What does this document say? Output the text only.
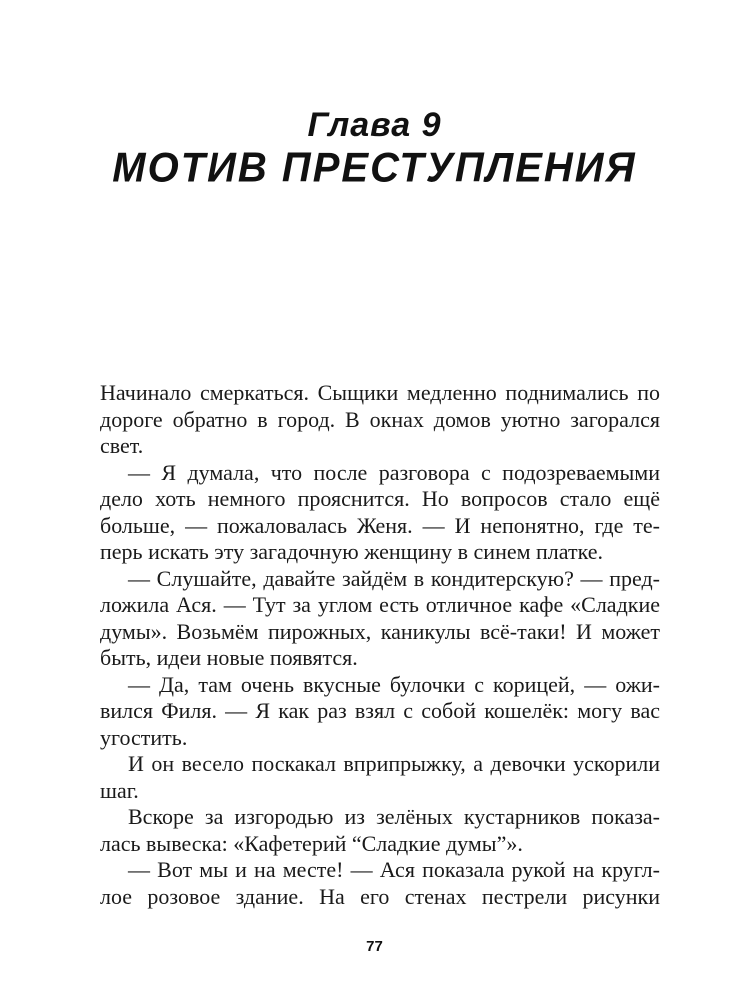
Глава 9
МОТИВ ПРЕСТУПЛЕНИЯ
Начинало смеркаться. Сыщики медленно поднимались по
дороге обратно в город. В окнах домов уютно загорался
свет.
— Я думала, что после разговора с подозреваемыми
дело хоть немного прояснится. Но вопросов стало ещё
больше, — пожаловалась Женя. — И непонятно, где те-
перь искать эту загадочную женщину в синем платке.
— Слушайте, давайте зайдём в кондитерскую? — пред-
ложила Ася. — Тут за углом есть отличное кафе «Сладкие
думы». Возьмём пирожных, каникулы всё-таки! И может
быть, идеи новые появятся.
— Да, там очень вкусные булочки с корицей, — ожи-
вился Филя. — Я как раз взял с собой кошелёк: могу вас
угостить.
И он весело поскакал вприпрыжку, а девочки ускорили
шаг.
Вскоре за изгородью из зелёных кустарников показа-
лась вывеска: «Кафетерий “Сладкие думы”».
— Вот мы и на месте! — Ася показала рукой на кругл-
лое розовое здание. На его стенах пестрели рисунки
77
